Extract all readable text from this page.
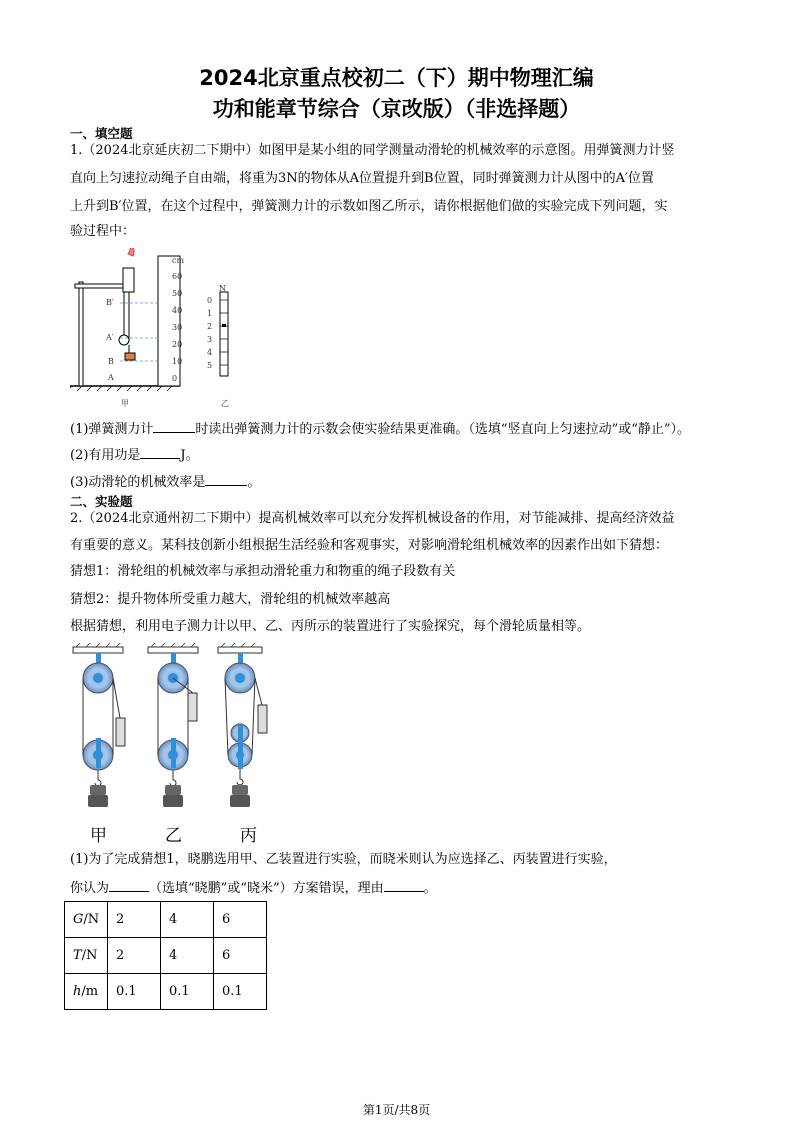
2024北京重点校初二（下）期中物理汇编
功和能章节综合（京改版）（非选择题）
一、填空题
1.（2024北京延庆初二下期中）如图甲是某小组的同学测量动滑轮的机械效率的示意图。用弹簧测力计竖
直向上匀速拉动绳子自由端，将重为3N的物体从A位置提升到B位置，同时弹簧测力计从图中的A′位置
上升到B′位置，在这个过程中，弹簧测力计的示数如图乙所示，请你根据他们做的实验完成下列问题，实
验过程中：
cm
60
50
40
30
20
10
0
B′
A′
B
A
甲
N
0
1
2
3
4
5
乙
(1)弹簧测力计	时读出弹簧测力计的示数会使实验结果更准确。（选填“竖直向上匀速拉动”或“静止”）。
(2)有用功是	J。
(3)动滑轮的机械效率是	。
二、实验题
2.（2024北京通州初二下期中）提高机械效率可以充分发挥机械设备的作用，对节能减排、提高经济效益
有重要的意义。某科技创新小组根据生活经验和客观事实，对影响滑轮组机械效率的因素作出如下猜想：
猜想1：滑轮组的机械效率与承担动滑轮重力和物重的绳子段数有关
猜想2：提升物体所受重力越大，滑轮组的机械效率越高
根据猜想，利用电子测力计以甲、乙、丙所示的装置进行了实验探究，每个滑轮质量相等。
甲	乙	丙
(1)为了完成猜想1，晓鹏选用甲、乙装置进行实验，而晓米则认为应选择乙、丙装置进行实验，
你认为	（选填“晓鹏”或“晓米”）方案错误，理由	。
G/N	2	4	6
T/N	2	4	6
h/m	0.1	0.1	0.1
第1页/共8页
